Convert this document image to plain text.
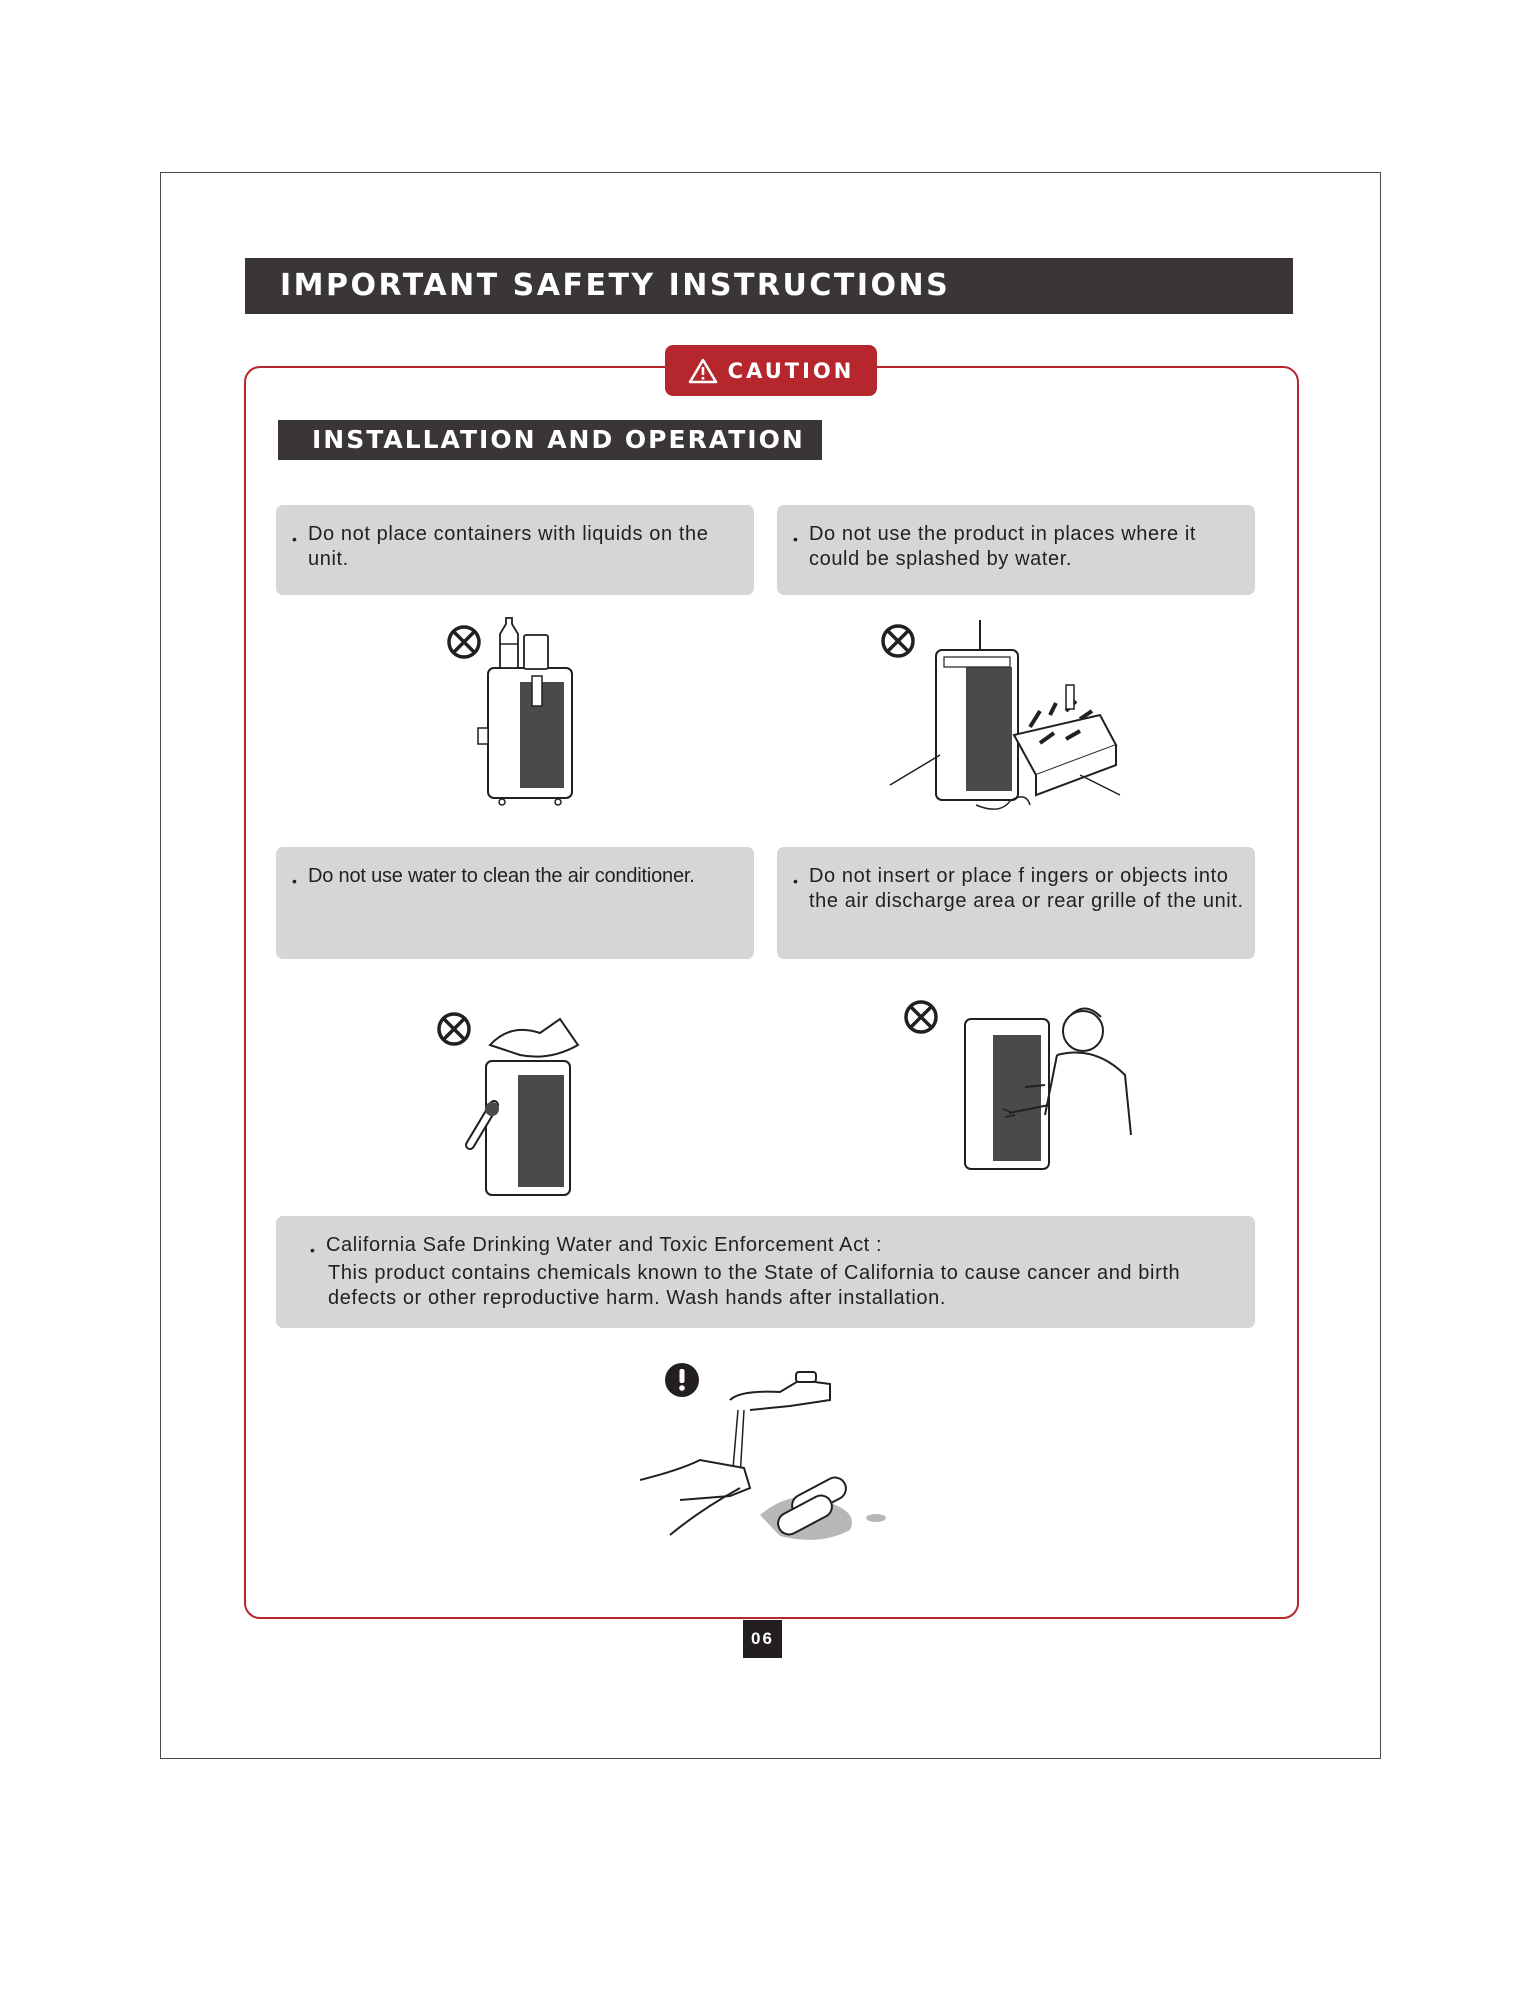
IMPORTANT SAFETY INSTRUCTIONS
CAUTION
INSTALLATION AND OPERATION
• Do not place containers with liquids on the unit.
• Do not use the product in places where it could be splashed by water.
• Do not use water to clean the air conditioner.	• Do not insert or place f ingers or objects into the air discharge area or rear grille of the unit.
• California Safe Drinking Water and Toxic Enforcement Act :
This product contains chemicals known to the State of California to cause cancer and birth defects or other reproductive harm. Wash hands after installation.
06
